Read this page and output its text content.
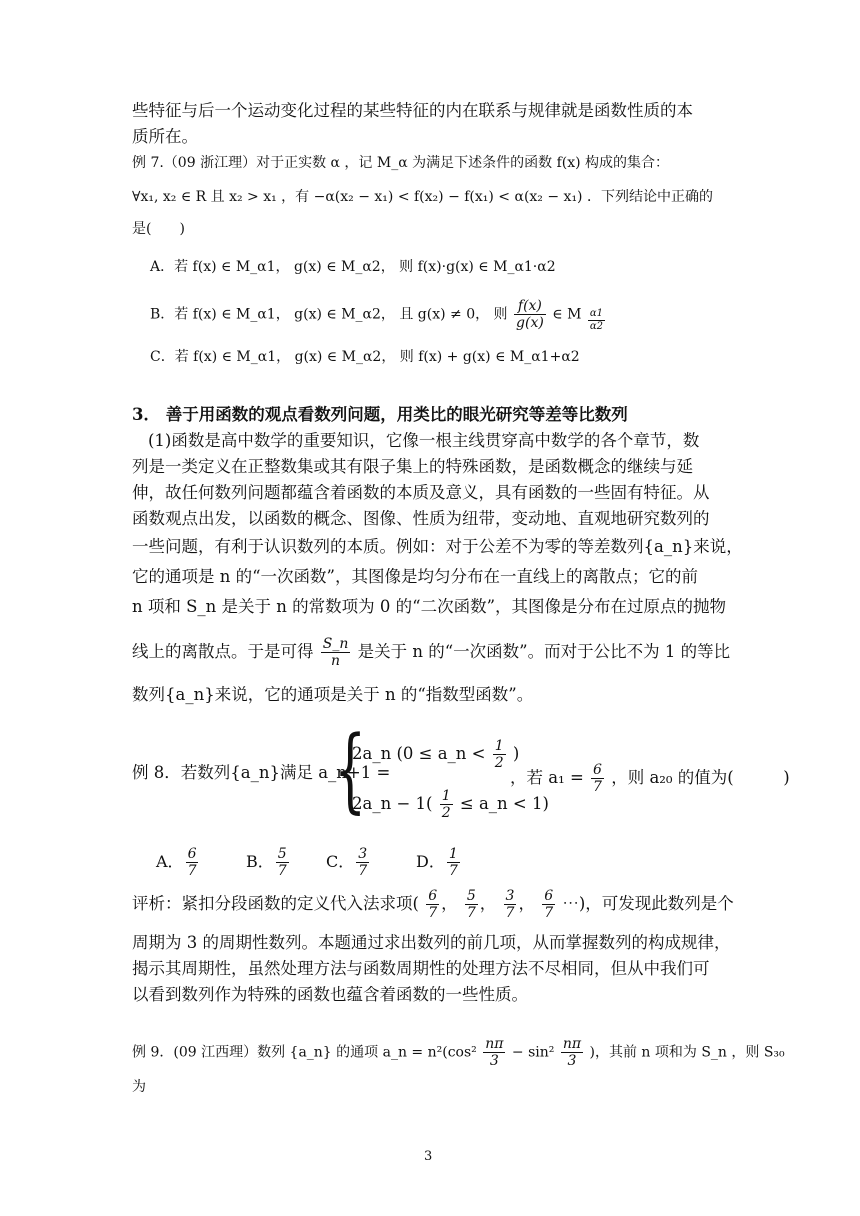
些特征与后一个运动变化过程的某些特征的内在联系与规律就是函数性质的本
质所在。
例 7.（09 浙江理）对于正实数 α ，记 M_α 为满足下述条件的函数 f(x) 构成的集合：
∀x₁, x₂ ∈ R 且 x₂ > x₁ ，有 −α(x₂ − x₁) < f(x₂) − f(x₁) < α(x₂ − x₁) ．下列结论中正确的
是(　　)
A．若 f(x) ∈ M_α1， g(x) ∈ M_α2， 则 f(x)·g(x) ∈ M_α1·α2
B．若 f(x) ∈ M_α1， g(x) ∈ M_α2， 且 g(x) ≠ 0， 则 $\frac{f(x)}{g(x)}$ ∈ M $\frac{\alpha 1}{\alpha 2}$
C．若 f(x) ∈ M_α1， g(x) ∈ M_α2， 则 f(x) + g(x) ∈ M_α1+α2
3． 善于用函数的观点看数列问题，用类比的眼光研究等差等比数列
(1)函数是高中数学的重要知识，它像一根主线贯穿高中数学的各个章节，数
列是一类定义在正整数集或其有限子集上的特殊函数，是函数概念的继续与延
伸，故任何数列问题都蕴含着函数的本质及意义，具有函数的一些固有特征。从
函数观点出发，以函数的概念、图像、性质为纽带，变动地、直观地研究数列的
一些问题，有利于认识数列的本质。例如：对于公差不为零的等差数列{a_n}来说，
它的通项是 n 的“一次函数”，其图像是均匀分布在一直线上的离散点；它的前
n 项和 S_n 是关于 n 的常数项为 0 的“二次函数”，其图像是分布在过原点的抛物
线上的离散点。于是可得 $\frac{S\_n}{n}$ 是关于 n 的“一次函数”。而对于公比不为 1 的等比
数列{a_n}来说，它的通项是关于 n 的“指数型函数”。
例 8．若数列{a_n}满足 a_n+1 =
{
2a_n (0 ≤ a_n < $\frac{1}{2}$ )
2a_n − $1( \frac{1}{2}$ ≤ a_n < 1)
，若 $a_1 = \frac{6}{7}$ ，则 a₂₀ 的值为(　　　)
A． $\frac{6}{7}$	B． $\frac{5}{7}$ C． $\frac{3}{7}$	D． $\frac{1}{7}$
评析：紧扣分段函数的定义代入法求项( $\frac{6}{7}$ ， $\frac{5}{7}$ ， $\frac{3}{7}$ ， $\frac{6}{7}$ ⋯)，可发现此数列是个
周期为 3 的周期性数列。本题通过求出数列的前几项，从而掌握数列的构成规律，
揭示其周期性，虽然处理方法与函数周期性的处理方法不尽相同，但从中我们可
以看到数列作为特殊的函数也蕴含着函数的一些性质。
例 9．(09 江西理）数列 {a_n} 的通项 a_n = $n^2(\cos^2 \frac{n\pi}{3} - \sin^2 \frac{n\pi}{3}$ )，其前 n 项和为 S_n ，则 S₃₀
为
3
